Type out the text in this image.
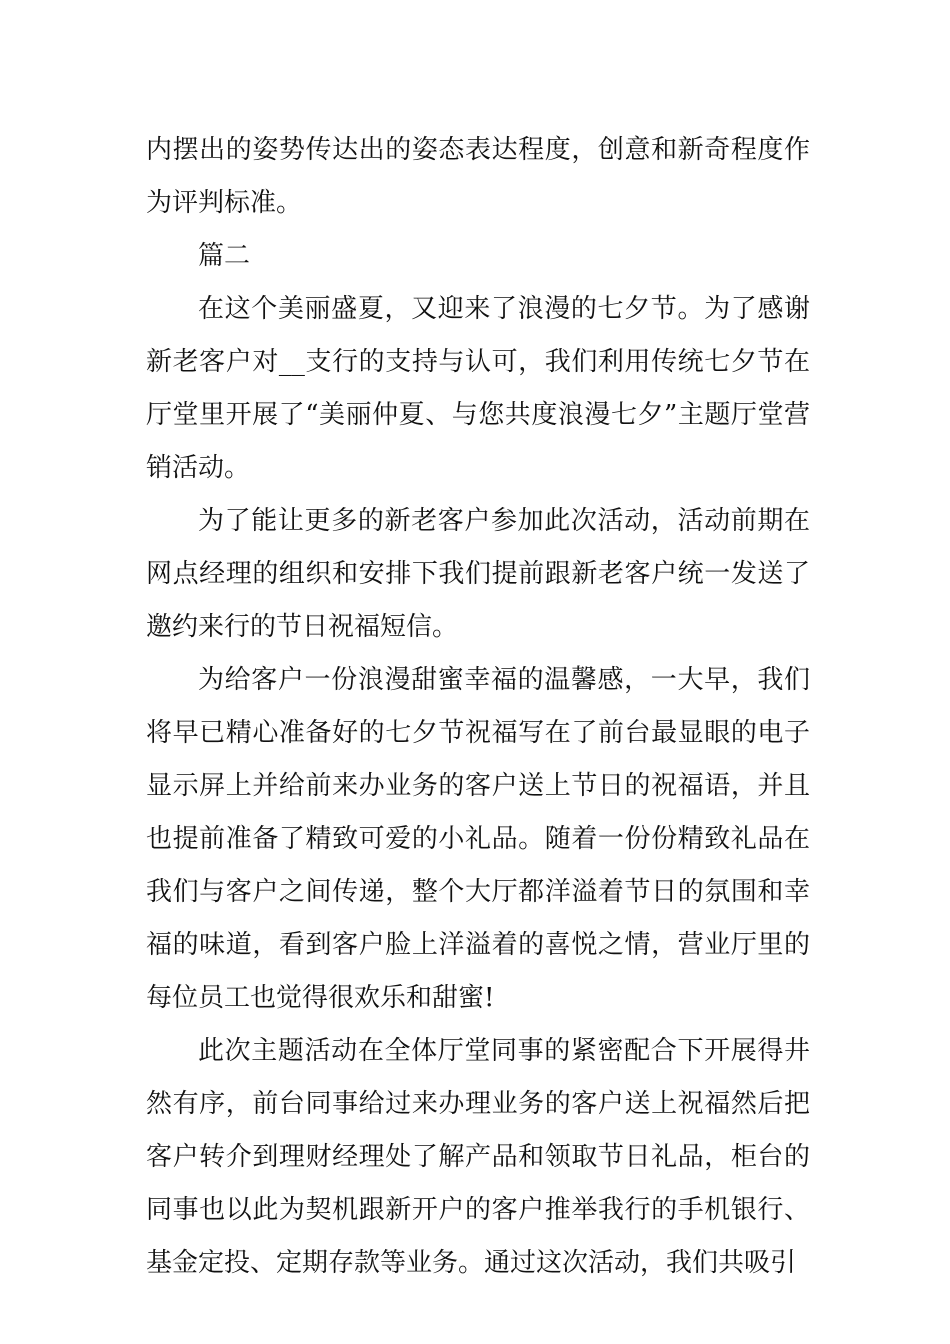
内摆出的姿势传达出的姿态表达程度，创意和新奇程度作为评判标准。

篇二

在这个美丽盛夏，又迎来了浪漫的七夕节。为了感谢新老客户对__支行的支持与认可，我们利用传统七夕节在厅堂里开展了“美丽仲夏、与您共度浪漫七夕”主题厅堂营销活动。

为了能让更多的新老客户参加此次活动，活动前期在网点经理的组织和安排下我们提前跟新老客户统一发送了邀约来行的节日祝福短信。

为给客户一份浪漫甜蜜幸福的温馨感，一大早，我们将早已精心准备好的七夕节祝福写在了前台最显眼的电子显示屏上并给前来办业务的客户送上节日的祝福语，并且也提前准备了精致可爱的小礼品。随着一份份精致礼品在我们与客户之间传递，整个大厅都洋溢着节日的氛围和幸福的味道，看到客户脸上洋溢着的喜悦之情，营业厅里的每位员工也觉得很欢乐和甜蜜!

此次主题活动在全体厅堂同事的紧密配合下开展得井然有序，前台同事给过来办理业务的客户送上祝福然后把客户转介到理财经理处了解产品和领取节日礼品，柜台的同事也以此为契机跟新开户的客户推举我行的手机银行、基金定投、定期存款等业务。通过这次活动，我们共吸引
